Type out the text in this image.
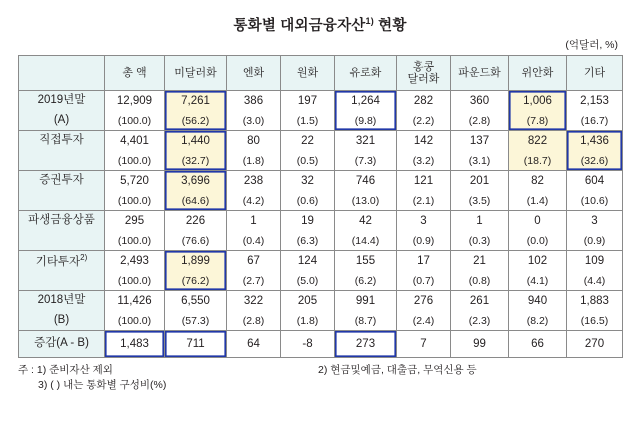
통화별 대외금융자산$^{1)}$ 현황
(억달러, %)
	총 액	미달러화	엔화	원화	유로화	홍콩
달러화	파운드화	위안화	기타
2019년말	12,909	7,261	386	197	1,264	282	360	1,006	2,153
(A)	(100.0)	(56.2)	(3.0)	(1.5)	(9.8)	(2.2)	(2.8)	(7.8)	(16.7)
직접투자	4,401	1,440	80	22	321	142	137	822	1,436
	(100.0)	(32.7)	(1.8)	(0.5)	(7.3)	(3.2)	(3.1)	(18.7)	(32.6)
증권투자	5,720	3,696	238	32	746	121	201	82	604
	(100.0)	(64.6)	(4.2)	(0.6)	(13.0)	(2.1)	(3.5)	(1.4)	(10.6)
파생금융상품	295	226	1	19	42	3	1	0	3
	(100.0)	(76.6)	(0.4)	(6.3)	(14.4)	(0.9)	(0.3)	(0.0)	(0.9)
기타투자$^{2)}$	2,493	1,899	67	124	155	17	21	102	109
	(100.0)	(76.2)	(2.7)	(5.0)	(6.2)	(0.7)	(0.8)	(4.1)	(4.4)
2018년말	11,426	6,550	322	205	991	276	261	940	1,883
(B)	(100.0)	(57.3)	(2.8)	(1.8)	(8.7)	(2.4)	(2.3)	(8.2)	(16.5)
증감(A - B)	1,483	711	64	-8	273	7	99	66	270
주 : 1) 준비자산 제외	2) 현금및예금, 대출금, 무역신용 등
3) ( ) 내는 통화별 구성비(%)
